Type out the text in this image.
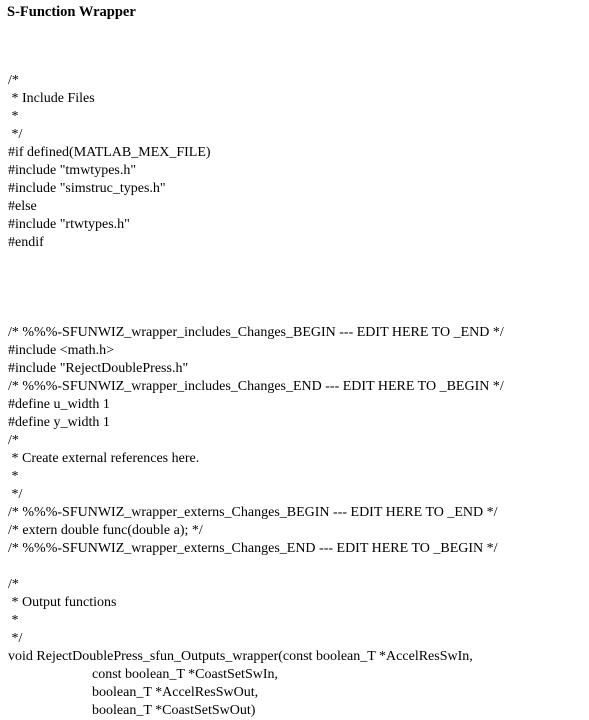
S-Function Wrapper
/*
* Include Files
*
*/
#if defined(MATLAB_MEX_FILE)
#include "tmwtypes.h"
#include "simstruc_types.h"
#else
#include "rtwtypes.h"
#endif
/* %%%-SFUNWIZ_wrapper_includes_Changes_BEGIN --- EDIT HERE TO _END */
#include <math.h>
#include "RejectDoublePress.h"
/* %%%-SFUNWIZ_wrapper_includes_Changes_END --- EDIT HERE TO _BEGIN */
#define u_width 1
#define y_width 1
/*
* Create external references here.
*
*/
/* %%%-SFUNWIZ_wrapper_externs_Changes_BEGIN --- EDIT HERE TO _END */
/* extern double func(double a); */
/* %%%-SFUNWIZ_wrapper_externs_Changes_END --- EDIT HERE TO _BEGIN */
/*
* Output functions
*
*/
void RejectDoublePress_sfun_Outputs_wrapper(const boolean_T *AccelResSwIn,
const boolean_T *CoastSetSwIn,
boolean_T *AccelResSwOut,
boolean_T *CoastSetSwOut)
